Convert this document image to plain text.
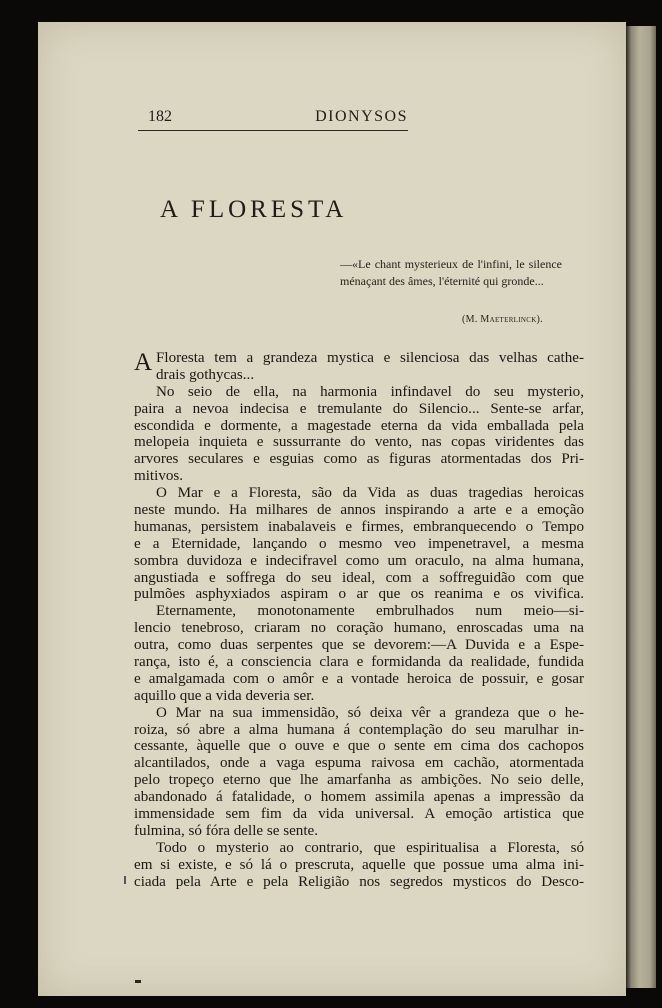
182	DIONYSOS
A FLORESTA
—«Le chant mysterieux de l'infini, le silence ménaçant des âmes, l'éternité qui gronde...
(M. Maeterlinck).
A Floresta tem a grandeza mystica e silenciosa das velhas cathe-
drais gothycas...
No seio de ella, na harmonia infindavel do seu mysterio,
paira a nevoa indecisa e tremulante do Silencio... Sente-se arfar,
escondida e dormente, a magestade eterna da vida emballada pela
melopeia inquieta e sussurrante do vento, nas copas viridentes das
arvores seculares e esguias como as figuras atormentadas dos Pri-
mitivos.
O Mar e a Floresta, são da Vida as duas tragedias heroicas
neste mundo. Ha milhares de annos inspirando a arte e a emoção
humanas, persistem inabalaveis e firmes, embranquecendo o Tempo
e a Eternidade, lançando o mesmo veo impenetravel, a mesma
sombra duvidoza e indecifravel como um oraculo, na alma humana,
angustiada e soffrega do seu ideal, com a soffreguidão com que
pulmões asphyxiados aspiram o ar que os reanima e os vivifica.
Eternamente, monotonamente embrulhados num meio—si-
lencio tenebroso, criaram no coração humano, enroscadas uma na
outra, como duas serpentes que se devorem:—A Duvida e a Espe-
rança, isto é, a consciencia clara e formidanda da realidade, fundida
e amalgamada com o amôr e a vontade heroica de possuir, e gosar
aquillo que a vida deveria ser.
O Mar na sua immensidão, só deixa vêr a grandeza que o he-
roiza, só abre a alma humana á contemplação do seu marulhar in-
cessante, àquelle que o ouve e que o sente em cima dos cachopos
alcantilados, onde a vaga espuma raivosa em cachão, atormentada
pelo tropeço eterno que lhe amarfanha as ambições. No seio delle,
abandonado á fatalidade, o homem assimila apenas a impressão da
immensidade sem fim da vida universal. A emoção artistica que
fulmina, só fóra delle se sente.
Todo o mysterio ao contrario, que espiritualisa a Floresta, só
em si existe, e só lá o prescruta, aquelle que possue uma alma ini-
ciada pela Arte e pela Religião nos segredos mysticos do Desco-
